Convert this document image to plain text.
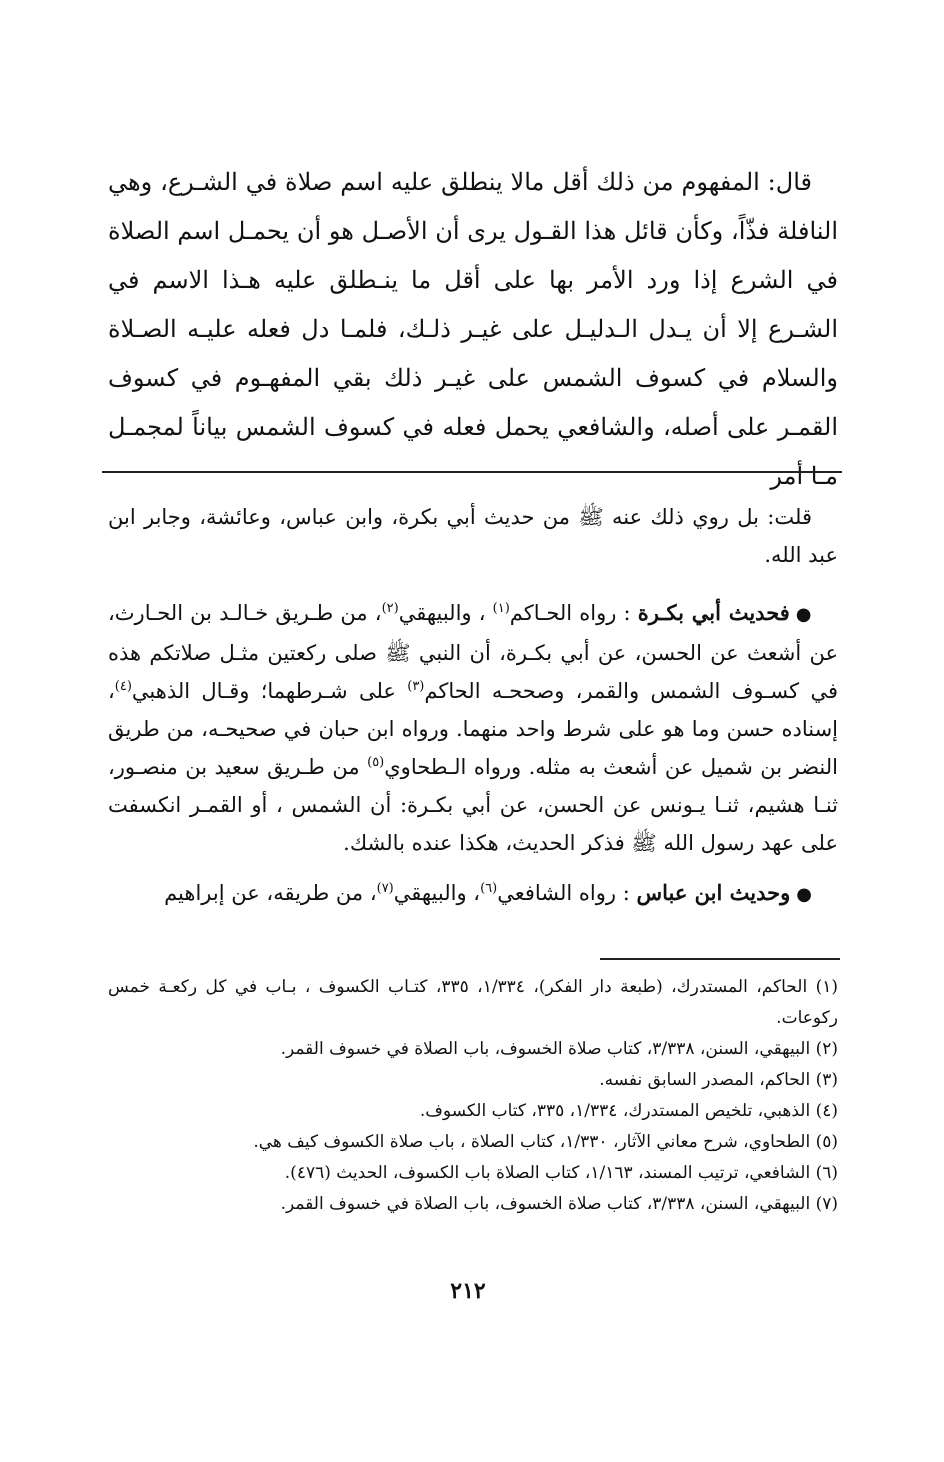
قال: المفهوم من ذلك أقل مالا ينطلق عليه اسم صلاة في الشـرع، وهي النافلة فذّاً، وكأن قائل هذا القـول يرى أن الأصـل هو أن يحمـل اسم الصلاة في الشرع إذا ورد الأمر بها على أقل ما ينـطلق عليه هـذا الاسم في الشـرع إلا أن يـدل الـدليـل على غيـر ذلـك، فلمـا دل فعله عليـه الصـلاة والسلام في كسوف الشمس على غيـر ذلك بقي المفهـوم في كسوف القمـر على أصله، والشافعي يحمل فعله في كسوف الشمس بياناً لمجمـل مـا أمر

قلت: بل روي ذلك عنه ﷺ من حديث أبي بكرة، وابن عباس، وعائشة، وجابر ابن عبد الله.

●فحديث أبي بكـرة : رواه الحـاكم$^{(١)}$ ، والبيهقي$^{(٢)}$، من طـريق خـالـد بن الحـارث، عن أشعث عن الحسن، عن أبي بكـرة، أن النبي ﷺ صلى ركعتين مثـل صلاتكم هذه في كسـوف الشمس والقمر، وصححـه الحاكم$^{(٣)}$ على شـرطهما؛ وقـال الذهبي$^{(٤)}$، إسناده حسن وما هو على شرط واحد منهما. ورواه ابن حبان في صحيحـه، من طريق النضر بن شميل عن أشعث به مثله. ورواه الـطحاوي$^{(٥)}$ من طـريق سعيد بن منصـور، ثنـا هشيم، ثنـا يـونس عن الحسن، عن أبي بكـرة: أن الشمس ، أو القمـر انكسفت على عهد رسول الله ﷺ فذكر الحديث، هكذا عنده بالشك.

●وحديث ابن عباس : رواه الشافعي$^{(٦)}$، والبيهقي$^{(٧)}$، من طريقه، عن إبراهيم

(١) الحاكم، المستدرك، (طبعة دار الفكر)، ١/٣٣٤، ٣٣٥، كتـاب الكسوف ، بـاب في كل ركعـة خمس ركوعات.
(٢) البيهقي، السنن، ٣/٣٣٨، كتاب صلاة الخسوف، باب الصلاة في خسوف القمر.
(٣) الحاكم، المصدر السابق نفسه.
(٤) الذهبي، تلخيص المستدرك، ١/٣٣٤، ٣٣٥، كتاب الكسوف.
(٥) الطحاوي، شرح معاني الآثار، ١/٣٣٠، كتاب الصلاة ، باب صلاة الكسوف كيف هي.
(٦) الشافعي، ترتيب المسند، ١/١٦٣، كتاب الصلاة باب الكسوف، الحديث (٤٧٦).
(٧) البيهقي، السنن، ٣/٣٣٨، كتاب صلاة الخسوف، باب الصلاة في خسوف القمر.
٢١٢
